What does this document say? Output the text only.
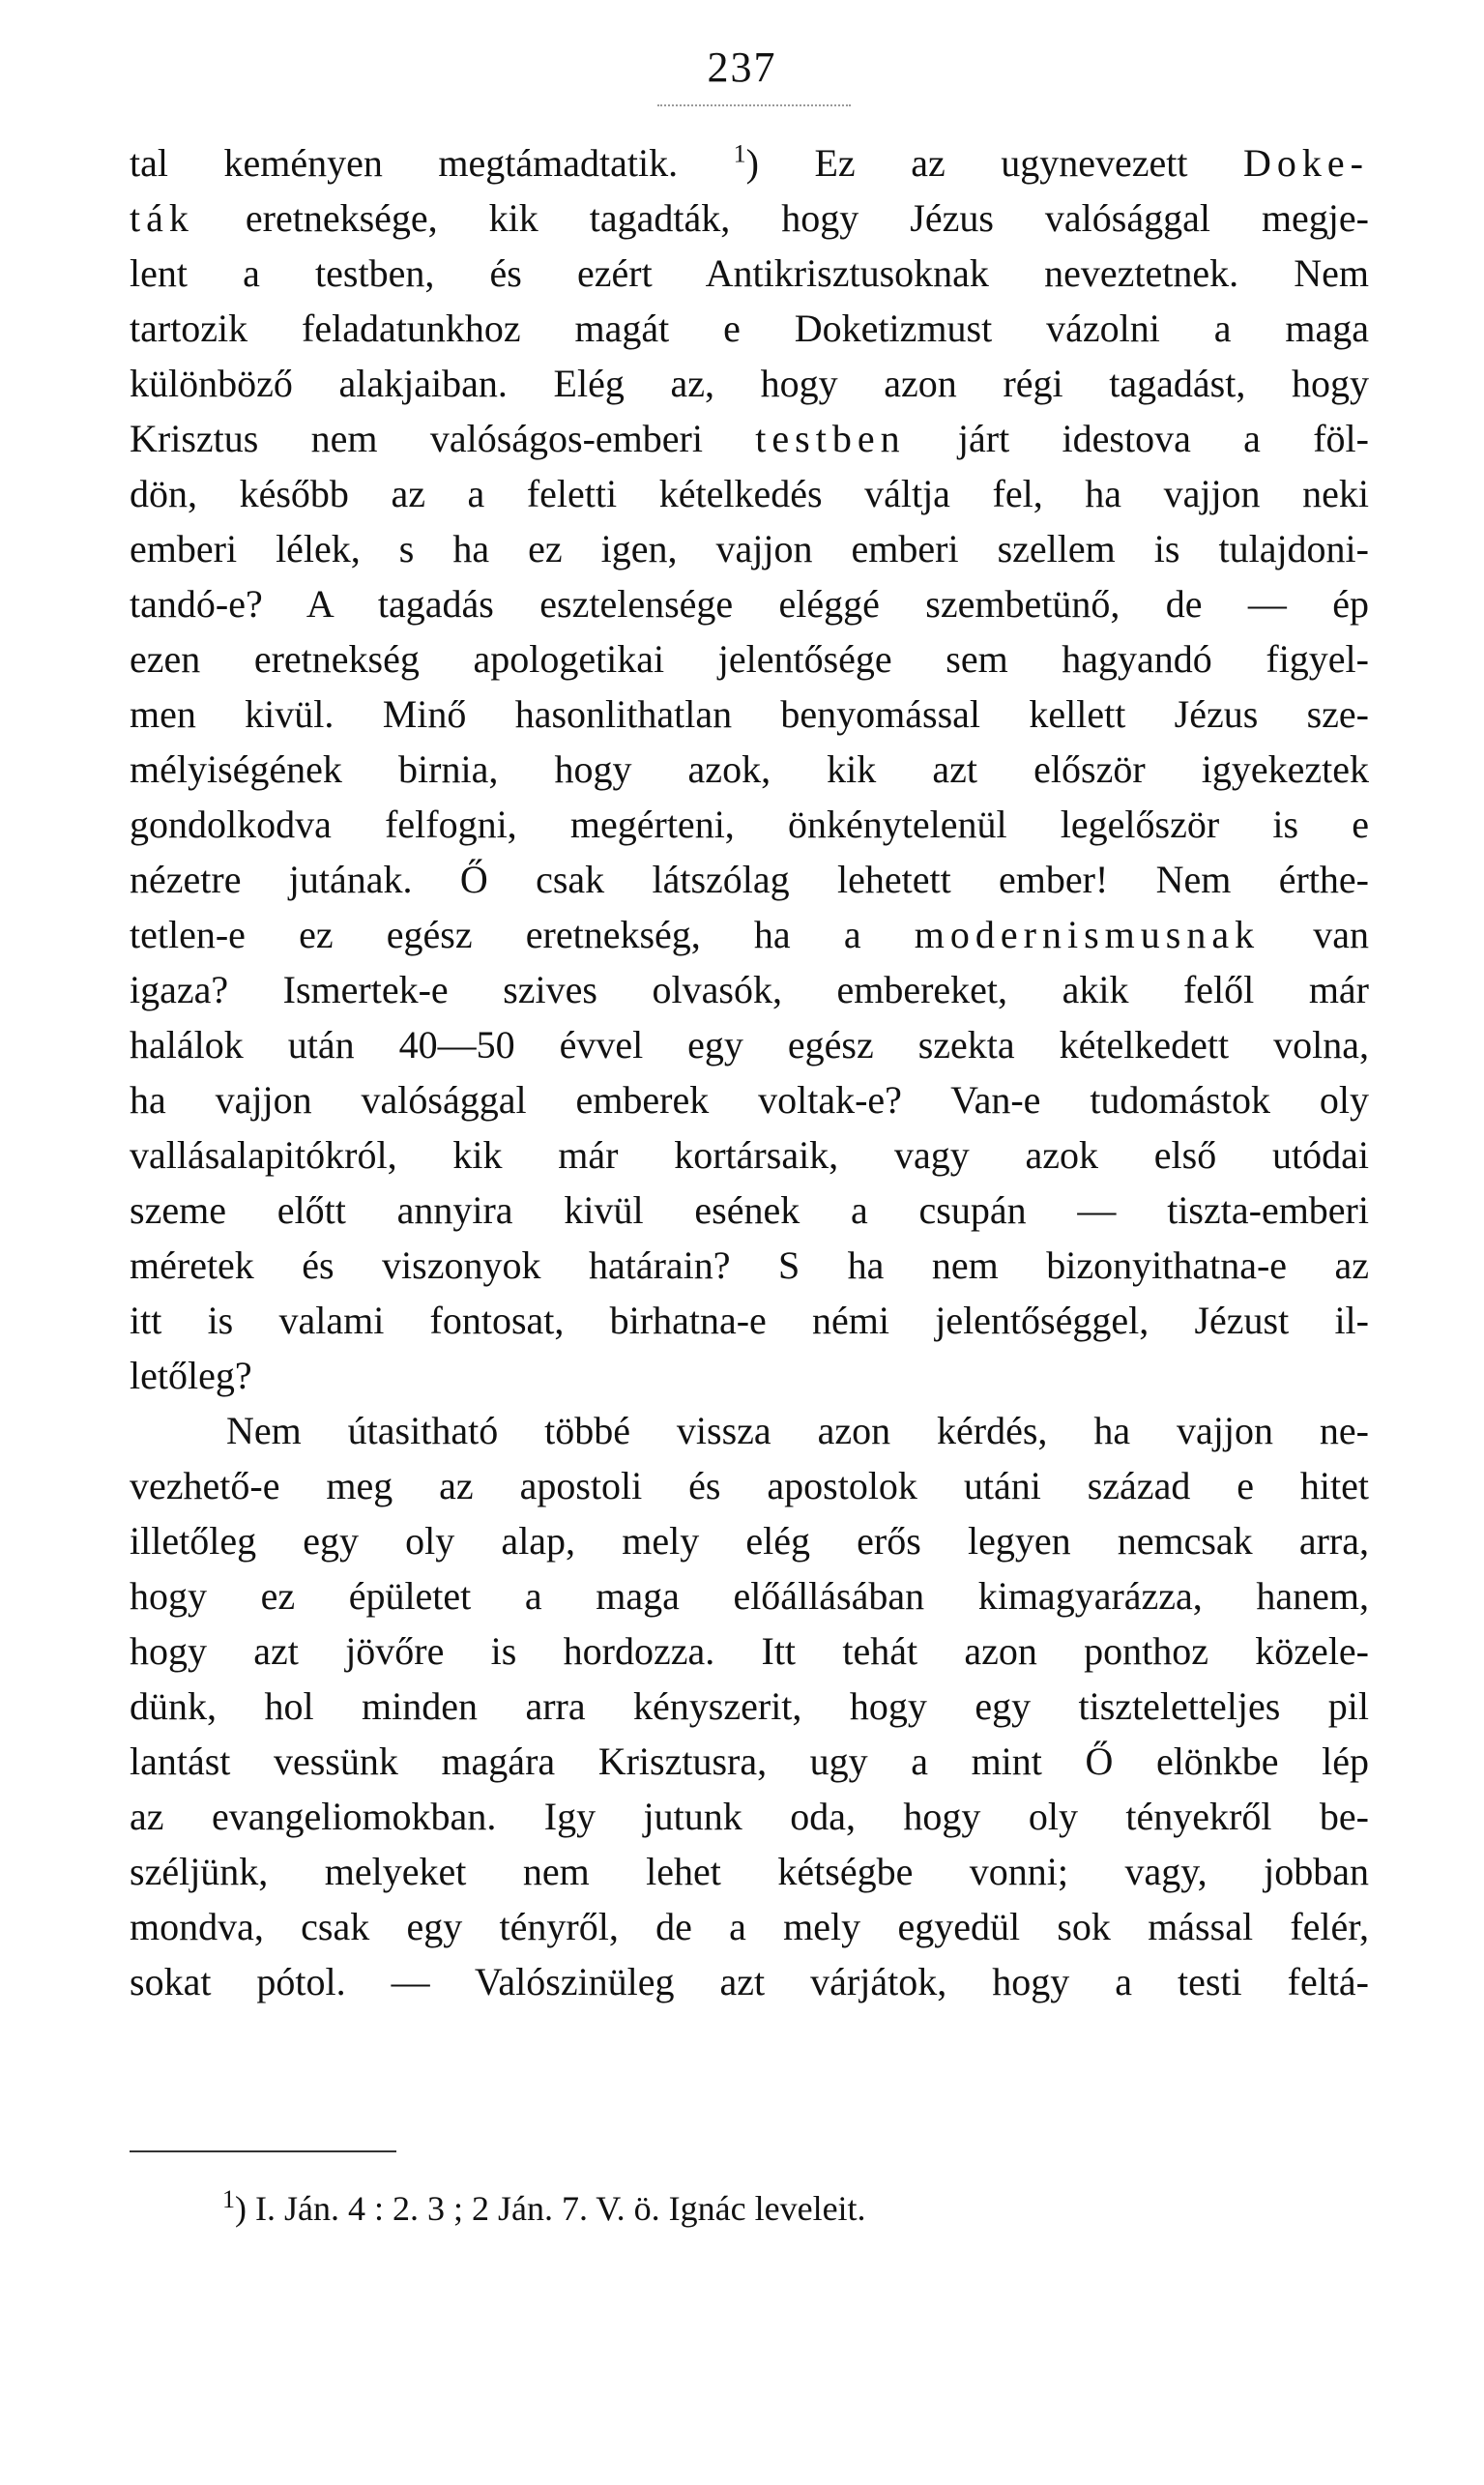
237
tal keményen megtámadtatik. $^1$) Ez az ugynevezett Doke-
ták eretneksége, kik tagadták, hogy Jézus valósággal megje-
lent a testben, és ezért Antikrisztusoknak neveztetnek. Nem
tartozik feladatunkhoz magát e Doketizmust vázolni a maga
különböző alakjaiban. Elég az, hogy azon régi tagadást, hogy
Krisztus nem valóságos-emberi testben járt idestova a föl-
dön, később az a feletti kételkedés váltja fel, ha vajjon neki
emberi lélek, s ha ez igen, vajjon emberi szellem is tulajdoni-
tandó-e? A tagadás esztelensége eléggé szembetünő, de — ép
ezen eretnekség apologetikai jelentősége sem hagyandó figyel-
men kivül. Minő hasonlithatlan benyomással kellett Jézus sze-
mélyiségének birnia, hogy azok, kik azt először igyekeztek
gondolkodva felfogni, megérteni, önkénytelenül legelőször is e
nézetre jutának. Ő csak látszólag lehetett ember! Nem érthe-
tetlen-e ez egész eretnekség, ha a modernismusnak van
igaza? Ismertek-e szives olvasók, embereket, akik felől már
halálok után 40—50 évvel egy egész szekta kételkedett volna,
ha vajjon valósággal emberek voltak-e? Van-e tudomástok oly
vallásalapitókról, kik már kortársaik, vagy azok első utódai
szeme előtt annyira kivül esének a csupán — tiszta-emberi
méretek és viszonyok határain? S ha nem bizonyithatna-e az
itt is valami fontosat, birhatna-e némi jelentőséggel, Jézust il-
letőleg?
Nem útasitható többé vissza azon kérdés, ha vajjon ne-
vezhető-e meg az apostoli és apostolok utáni század e hitet
illetőleg egy oly alap, mely elég erős legyen nemcsak arra,
hogy ez épületet a maga előállásában kimagyarázza, hanem,
hogy azt jövőre is hordozza. Itt tehát azon ponthoz közele-
dünk, hol minden arra kényszerit, hogy egy tiszteletteljes pil
lantást vessünk magára Krisztusra, ugy a mint Ő elönkbe lép
az evangeliomokban. Igy jutunk oda, hogy oly tényekről be-
széljünk, melyeket nem lehet kétségbe vonni; vagy, jobban
mondva, csak egy tényről, de a mely egyedül sok mással felér,
sokat pótol. — Valószinüleg azt várjátok, hogy a testi feltá-
$^1$) I. Ján. 4 : 2. 3 ; 2 Ján. 7. V. ö. Ignác leveleit.
